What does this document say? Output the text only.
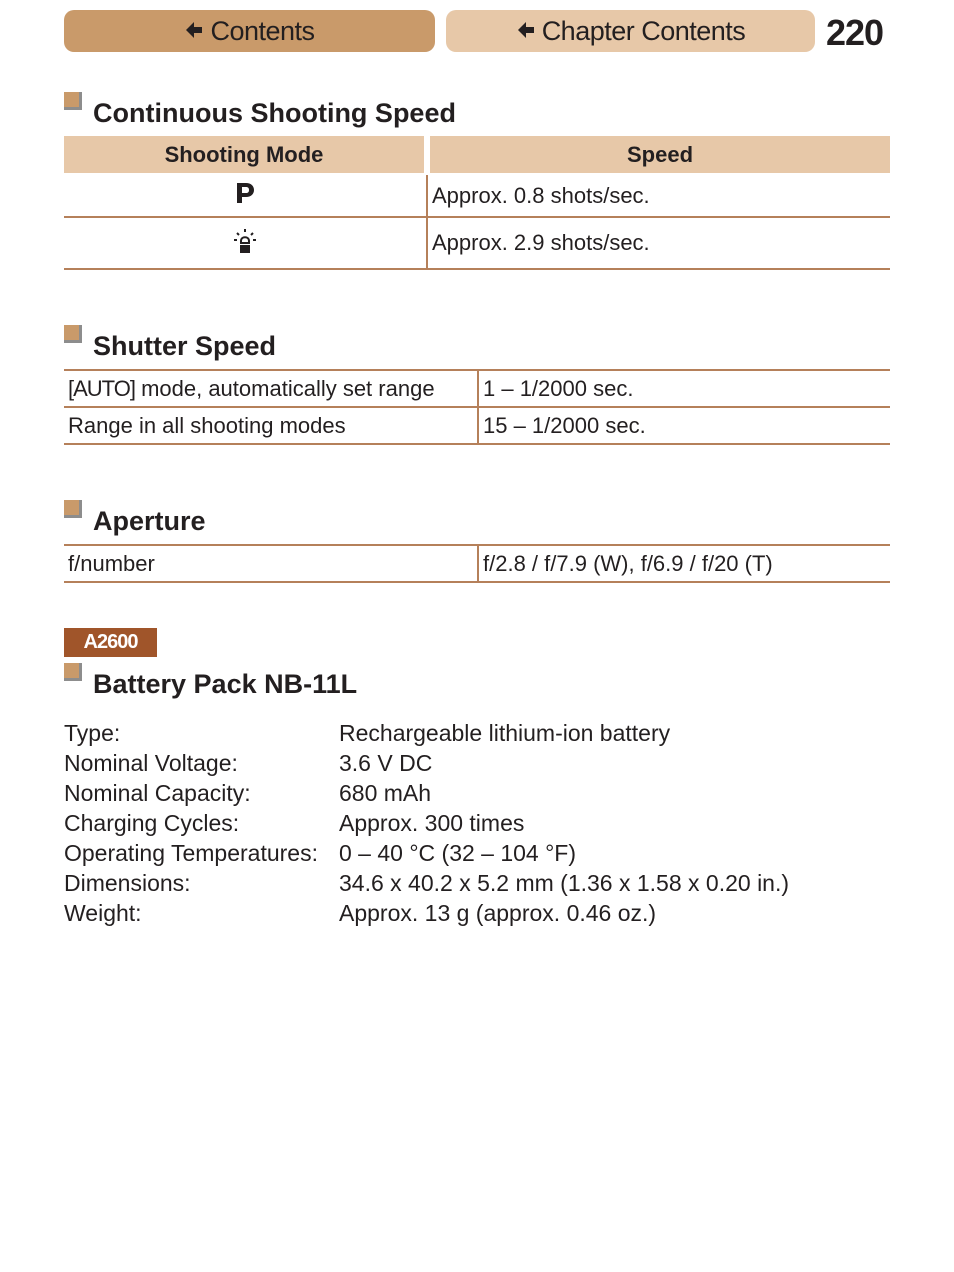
Contents	Chapter Contents 220
Continuous Shooting Speed
Shooting Mode	Speed
	Approx. 0.8 shots/sec.
	Approx. 2.9 shots/sec.
Shutter Speed
[AUTO] mode, automatically set range	1 – 1/2000 sec.
Range in all shooting modes	15 – 1/2000 sec.
Aperture
f/number	f/2.8 / f/7.9 (W), f/6.9 / f/20 (T)
A2600
Battery Pack NB-11L
Type:	Rechargeable lithium-ion battery
Nominal Voltage:	3.6 V DC
Nominal Capacity:	680 mAh
Charging Cycles:	Approx. 300 times
Operating Temperatures: 0 – 40 °C (32 – 104 °F)
Dimensions:	34.6 x 40.2 x 5.2 mm (1.36 x 1.58 x 0.20 in.)
Weight:	Approx. 13 g (approx. 0.46 oz.)
